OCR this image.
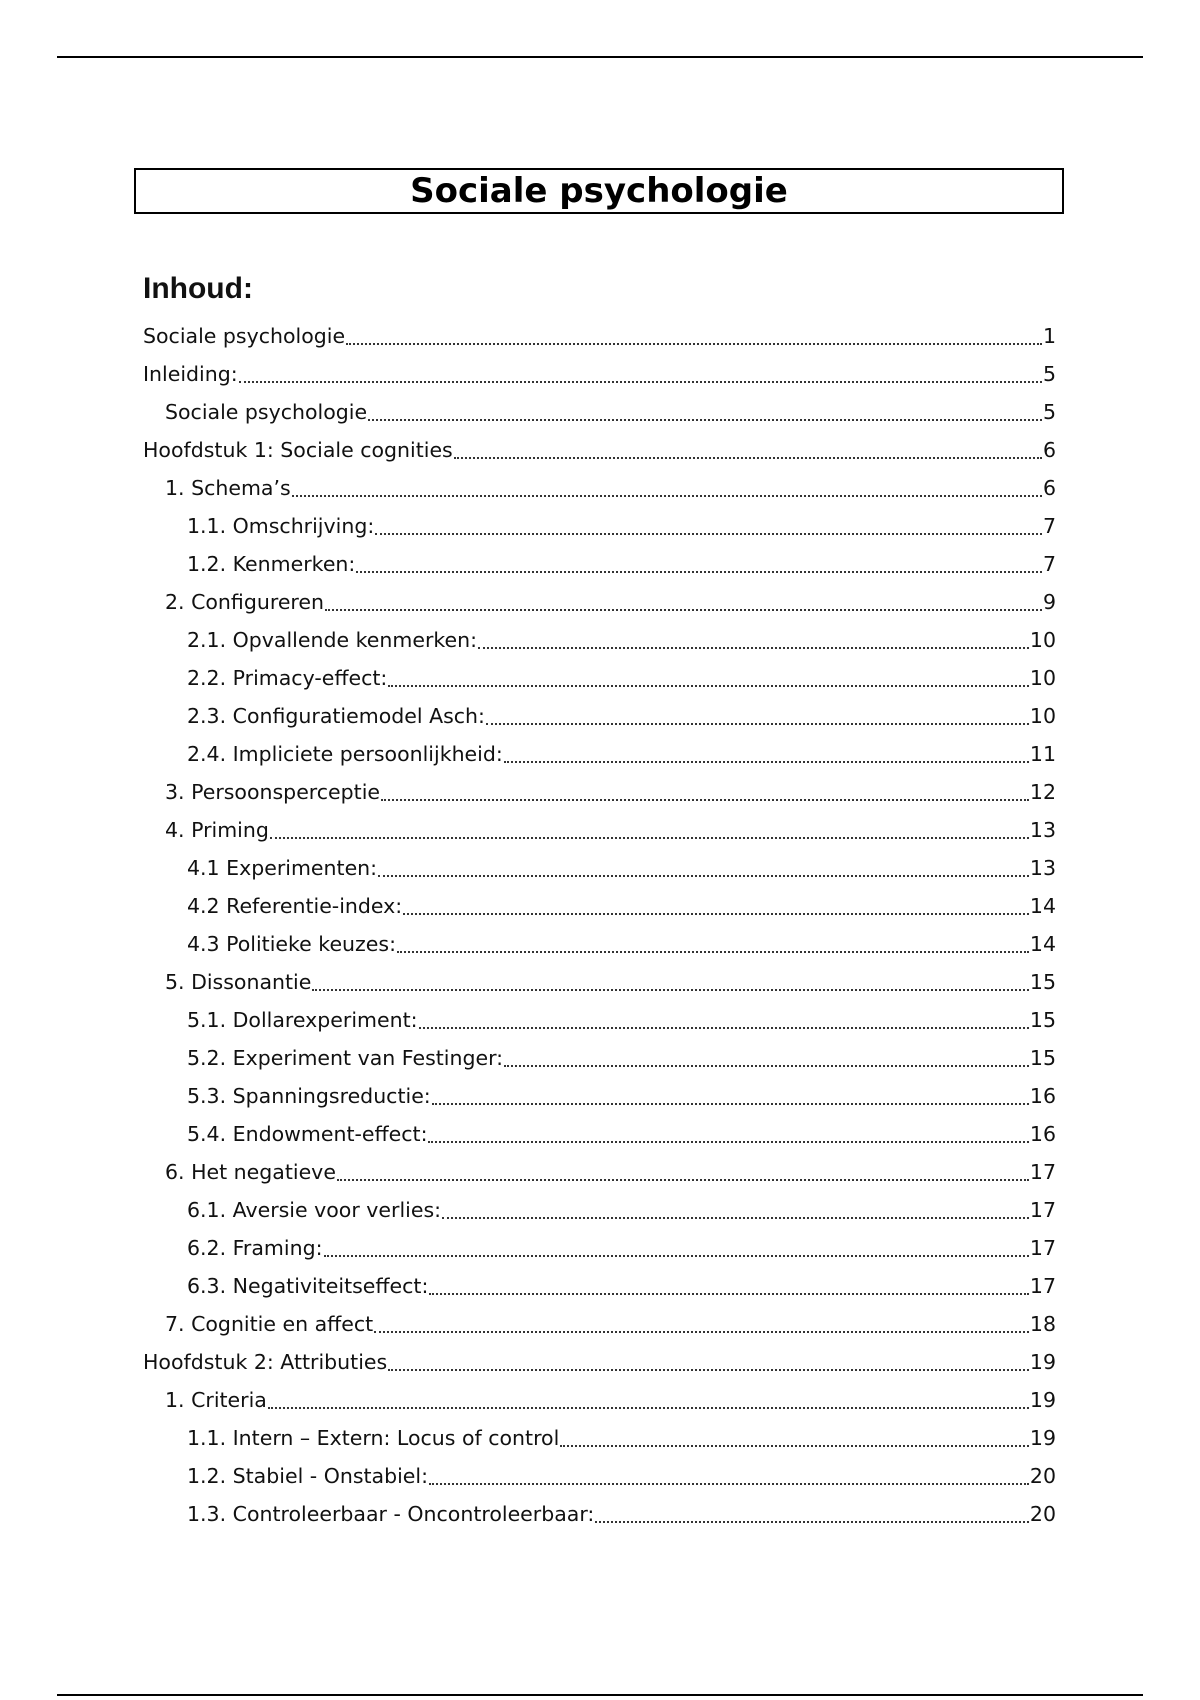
Sociale psychologie
Inhoud:
Sociale psychologie	1
Inleiding:	5
Sociale psychologie	5
Hoofdstuk 1: Sociale cognities	6
1. Schema’s	6
1.1. Omschrijving:	7
1.2. Kenmerken:	7
2. Configureren	9
2.1. Opvallende kenmerken:	10
2.2. Primacy-effect:	10
2.3. Configuratiemodel Asch:	10
2.4. Impliciete persoonlijkheid:	11
3. Persoonsperceptie	12
4. Priming	13
4.1 Experimenten:	13
4.2 Referentie-index:	14
4.3 Politieke keuzes:	14
5. Dissonantie	15
5.1. Dollarexperiment:	15
5.2. Experiment van Festinger:	15
5.3. Spanningsreductie:	16
5.4. Endowment-effect:	16
6. Het negatieve	17
6.1. Aversie voor verlies:	17
6.2. Framing:	17
6.3. Negativiteitseffect:	17
7. Cognitie en affect	18
Hoofdstuk 2: Attributies	19
1. Criteria	19
1.1. Intern – Extern: Locus of control	19
1.2. Stabiel - Onstabiel:	20
1.3. Controleerbaar - Oncontroleerbaar:	20
